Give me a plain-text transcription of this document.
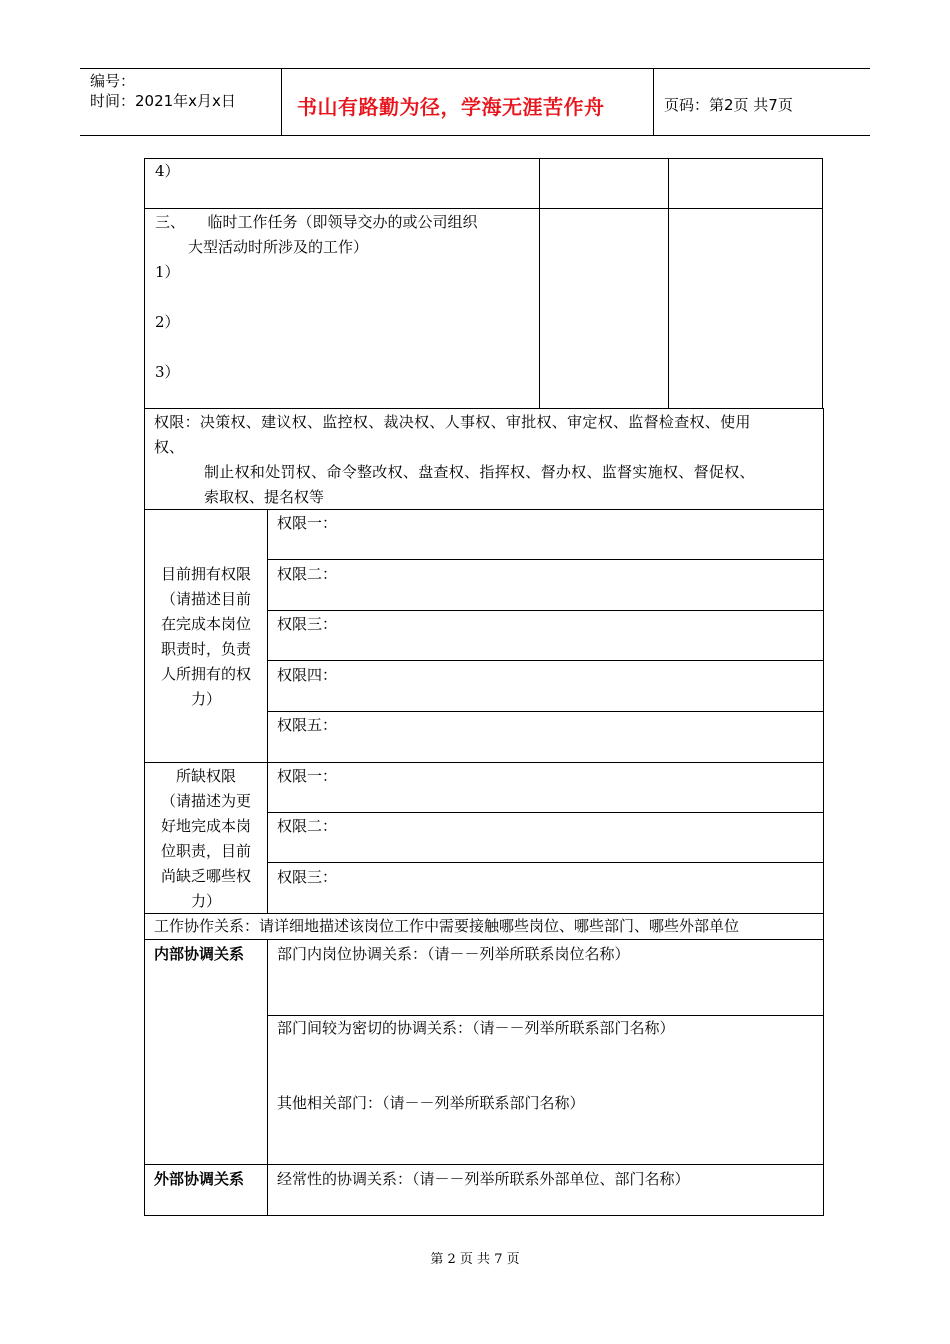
编号：
时间：2021年x月x日	书山有路勤为径，学海无涯苦作舟	页码：第2页 共7页
4）
三、　　临时工作任务（即领导交办的或公司组织
大型活动时所涉及的工作）
1）
2）
3）
权限：决策权、建议权、监控权、裁决权、人事权、审批权、审定权、监督检查权、使用
权、
制止权和处罚权、命令整改权、盘查权、指挥权、督办权、监督实施权、督促权、
索取权、提名权等
目前拥有权限
（请描述目前
在完成本岗位
职责时，负责
人所拥有的权
力）
权限一：
权限二：
权限三：
权限四：
权限五：
所缺权限
（请描述为更
好地完成本岗
位职责，目前
尚缺乏哪些权
力）
权限一：
权限二：
权限三：
工作协作关系：请详细地描述该岗位工作中需要接触哪些岗位、哪些部门、哪些外部单位
内部协调关系 部门内岗位协调关系：（请－－列举所联系岗位名称）
部门间较为密切的协调关系：（请－－列举所联系部门名称）
其他相关部门：（请－－列举所联系部门名称）
外部协调关系 经常性的协调关系：（请－－列举所联系外部单位、部门名称）
第 2 页 共 7 页
